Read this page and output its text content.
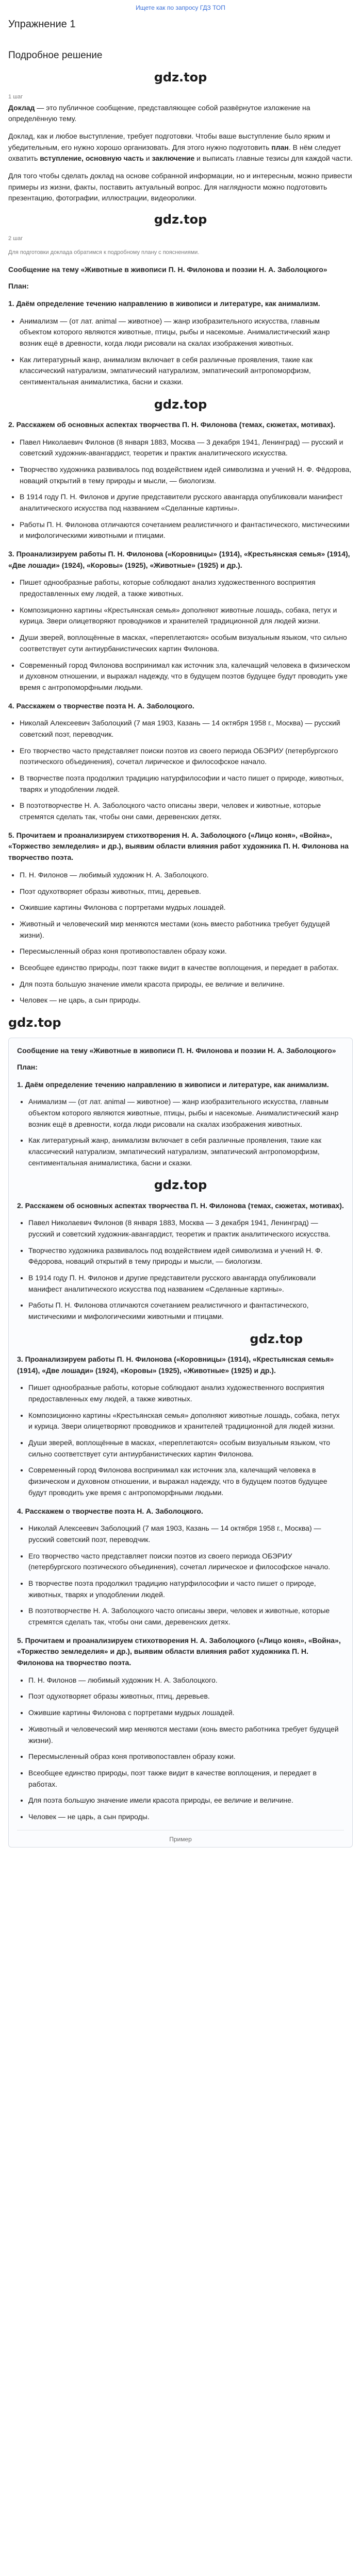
Ищете как по запросу ГДЗ ТОП
Упражнение 1
Подробное решение
gdz.top
1 шаг

Доклад — это публичное сообщение, представляющее собой развёрнутое изложение на определённую тему.

Доклад, как и любое выступление, требует подготовки. Чтобы ваше выступление было ярким и убедительным, его нужно хорошо организовать. Для этого нужно подготовить план. В нём следует охватить вступление, основную часть и заключение и выписать главные тезисы для каждой части.

Для того чтобы сделать доклад на основе собранной информации, но и интересным, можно привести примеры из жизни, факты, поставить актуальный вопрос. Для наглядности можно подготовить презентацию, фотографии, иллюстрации, видеоролики.

gdz.top
2 шаг
Для подготовки доклада обратимся к подробному плану с пояснениями.
Сообщение на тему «Животные в живописи П. Н. Филонова и поэзии Н. А. Заболоцкого»
План:
1. Даём определение течению направлению в живописи и литературе, как анимализм.
• Анимализм — (от лат. animal — животное) — жанр изобразительного искусства, главным объектом которого являются животные, птицы, рыбы и насекомые. Анималистический жанр возник ещё в древности, когда люди рисовали на скалах изображения животных.
• Как литературный жанр, анимализм включает в себя различные проявления, такие как классический натурализм, эмпатический натурализм, эмпатический антропоморфизм, сентиментальная анималистика, басни и сказки.
gdz.top
2. Расскажем об основных аспектах творчества П. Н. Филонова (темах, сюжетах, мотивах).
• Павел Николаевич Филонов (8 января 1883, Москва — 3 декабря 1941, Ленинград) — русский и советский художник-авангардист, теоретик и практик аналитического искусства.
• Творчество художника развивалось под воздействием идей символизма и учений Н. Ф. Фёдорова, новаций открытий в тему природы и мысли, — биологизм.
• В 1914 году П. Н. Филонов и другие представители русского авангарда опубликовали манифест аналитического искусства под названием «Сделанные картины».
• Работы П. Н. Филонова отличаются сочетанием реалистичного и фантастического, мистическими и мифологическими животными и птицами.
3. Проанализируем работы П. Н. Филонова («Коровницы» (1914), «Крестьянская семья» (1914), «Две лошади» (1924), «Коровы» (1925), «Животные» (1925) и др.).
• Пишет однообразные работы, которые соблюдают анализ художественного восприятия предоставленных ему людей, а также животных.
• Композиционно картины «Крестьянская семья» дополняют животные лошадь, собака, петух и курица. Звери олицетворяют проводников и хранителей традиционной для людей жизни.
• Души зверей, воплощённые в масках, «переплетаются» особым визуальным языком, что сильно соответствует сути антиурбанистических картин Филонова.
• Современный город Филонова воспринимал как источник зла, калечащий человека в физическом и духовном отношении, и выражал надежду, что в будущем поэтов будущее будут проводить уже время с антропоморфными людьми.
4. Расскажем о творчестве поэта Н. А. Заболоцкого.
• Николай Алексеевич Заболоцкий (7 мая 1903, Казань — 14 октября 1958 г., Москва) — русский советский поэт, переводчик.
• Его творчество часто представляет поиски поэтов из своего периода ОБЭРИУ (петербургского поэтического объединения), сочетал лирическое и философское начало.
• В творчестве поэта продолжил традицию натурфилософии и часто пишет о природе, животных, тварях и уподоблении людей.
• В поэтотворчестве Н. А. Заболоцкого часто описаны звери, человек и животные, которые стремятся сделать так, чтобы они сами, деревенских детях.
5. Прочитаем и проанализируем стихотворения Н. А. Заболоцкого («Лицо коня», «Война», «Торжество земледелия» и др.), выявим области влияния работ художника П. Н. Филонова на творчество поэта.
• П. Н. Филонов — любимый художник Н. А. Заболоцкого.
• Поэт одухотворяет образы животных, птиц, деревьев.
• Ожившие картины Филонова с портретами мудрых лошадей.
• Животный и человеческий мир меняются местами (конь вместо работника требует будущей жизни).
• Пересмысленный образ коня противопоставлен образу кожи.
• Всеобщее единство природы, поэт также видит в качестве воплощения, и передает в работах.
• Для поэта большую значение имели красота природы, ее величие и величине.
• Человек — не царь, а сын природы.
gdz.top
Сообщение на тему «Животные в живописи П. Н. Филонова и поэзии Н. А. Заболоцкого»
План:
1. Даём определение течению направлению в живописи и литературе, как анимализм.
• Анимализм — (от лат. animal — животное) — жанр изобразительного искусства, главным объектом которого являются животные, птицы, рыбы и насекомые. Анималистический жанр возник ещё в древности, когда люди рисовали на скалах изображения животных.
• Как литературный жанр, анимализм включает в себя различные проявления, такие как классический натурализм, эмпатический натурализм, эмпатический антропоморфизм, сентиментальная анималистика, басни и сказки.
gdz.top
2. Расскажем об основных аспектах творчества П. Н. Филонова (темах, сюжетах, мотивах).
• Павел Николаевич Филонов (8 января 1883, Москва — 3 декабря 1941, Ленинград) — русский и советский художник-авангардист, теоретик и практик аналитического искусства.
• Творчество художника развивалось под воздействием идей символизма и учений Н. Ф. Фёдорова, новаций открытий в тему природы и мысли, — биологизм.
• В 1914 году П. Н. Филонов и другие представители русского авангарда опубликовали манифест аналитического искусства под названием «Сделанные картины».
• Работы П. Н. Филонова отличаются сочетанием реалистичного и фантастического, мистическими и мифологическими животными и птицами.
gdz.top
3. Проанализируем работы П. Н. Филонова («Коровницы» (1914), «Крестьянская семья» (1914), «Две лошади» (1924), «Коровы» (1925), «Животные» (1925) и др.).
• Пишет однообразные работы, которые соблюдают анализ художественного восприятия предоставленных ему людей, а также животных.
• Композиционно картины «Крестьянская семья» дополняют животные лошадь, собака, петух и курица. Звери олицетворяют проводников и хранителей традиционной для людей жизни.
• Души зверей, воплощённые в масках, «переплетаются» особым визуальным языком, что сильно соответствует сути антиурбанистических картин Филонова.
• Современный город Филонова воспринимал как источник зла, калечащий человека в физическом и духовном отношении, и выражал надежду, что в будущем поэтов будущее будут проводить уже время с антропоморфными людьми.
4. Расскажем о творчестве поэта Н. А. Заболоцкого.
• Николай Алексеевич Заболоцкий (7 мая 1903, Казань — 14 октября 1958 г., Москва) — русский советский поэт, переводчик.
• Его творчество часто представляет поиски поэтов из своего периода ОБЭРИУ (петербургского поэтического объединения), сочетал лирическое и философское начало.
• В творчестве поэта продолжил традицию натурфилософии и часто пишет о природе, животных, тварях и уподоблении людей.
• В поэтотворчестве Н. А. Заболоцкого часто описаны звери, человек и животные, которые стремятся сделать так, чтобы они сами, деревенских детях.
5. Прочитаем и проанализируем стихотворения Н. А. Заболоцкого («Лицо коня», «Война», «Торжество земледелия» и др.), выявим области влияния работ художника П. Н. Филонова на творчество поэта.
• П. Н. Филонов — любимый художник Н. А. Заболоцкого.
• Поэт одухотворяет образы животных, птиц, деревьев.
• Ожившие картины Филонова с портретами мудрых лошадей.
• Животный и человеческий мир меняются местами (конь вместо работника требует будущей жизни).
• Пересмысленный образ коня противопоставлен образу кожи.
• Всеобщее единство природы, поэт также видит в качестве воплощения, и передает в работах.
• Для поэта большую значение имели красота природы, ее величие и величине.
• Человек — не царь, а сын природы.
Пример
